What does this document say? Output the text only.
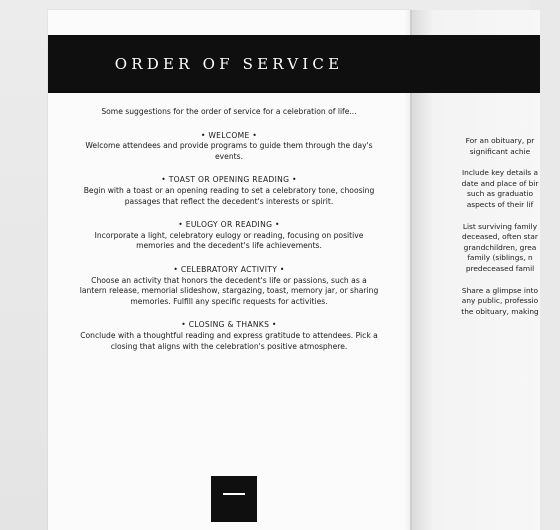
ORDER OF SERVICE

Some suggestions for the order of service for a celebration of life...

• WELCOME •

Welcome attendees and provide programs to guide them through the day's events.

• TOAST OR OPENING READING •

Begin with a toast or an opening reading to set a celebratory tone, choosing passages that reflect the decedent's interests or spirit.

• EULOGY OR READING •

Incorporate a light, celebratory eulogy or reading, focusing on positive memories and the decedent's life achievements.

• CELEBRATORY ACTIVITY •

Choose an activity that honors the decedent's life or passions, such as a lantern release, memorial slideshow, stargazing, toast, memory jar, or sharing memories. Fulfill any specific requests for activities.

• CLOSING & THANKS •

Conclude with a thoughtful reading and express gratitude to attendees. Pick a closing that aligns with the celebration's positive atmosphere.

For an obituary, pr
significant achie
Include key details a
date and place of bir
such as graduatio
aspects of their lif
List surviving family
deceased, often star
grandchildren, grea
family (siblings, n
predeceased famil
Share a glimpse into
any public, professio
the obituary, making
